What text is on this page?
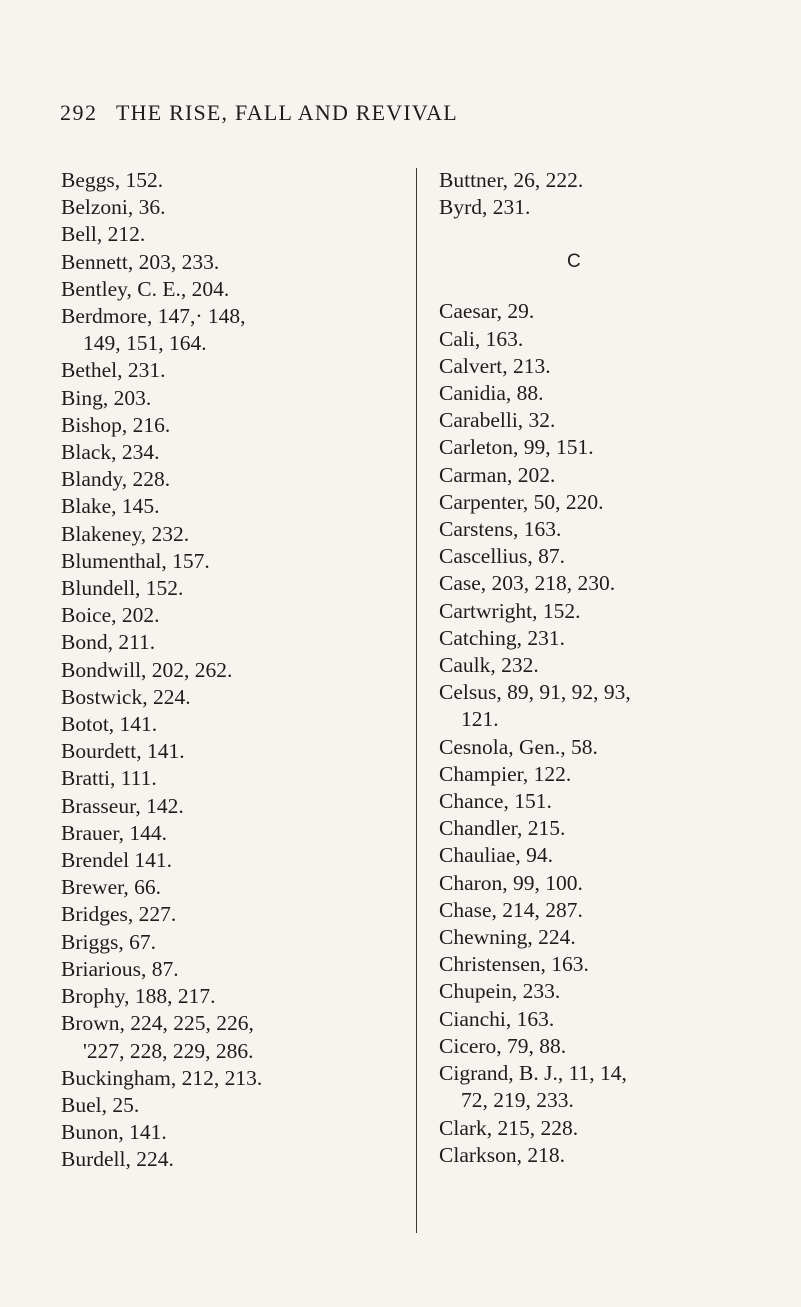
292 THE RISE, FALL AND REVIVAL

Beggs, 152.

Belzoni, 36.

Bell, 212.

Bennett, 203, 233.

Bentley, C. E., 204.

Berdmore, 147,· 148,

149, 151, 164.

Bethel, 231.

Bing, 203.

Bishop, 216.

Black, 234.

Blandy, 228.

Blake, 145.

Blakeney, 232.

Blumenthal, 157.

Blundell, 152.

Boice, 202.

Bond, 211.

Bondwill, 202, 262.

Bostwick, 224.

Botot, 141.

Bourdett, 141.

Bratti, 111.

Brasseur, 142.

Brauer, 144.

Brendel 141.

Brewer, 66.

Bridges, 227.

Briggs, 67.

Briarious, 87.

Brophy, 188, 217.

Brown, 224, 225, 226,

'227, 228, 229, 286.

Buckingham, 212, 213.

Buel, 25.

Bunon, 141.

Burdell, 224.

Buttner, 26, 222.

Byrd, 231.

C

Caesar, 29.

Cali, 163.

Calvert, 213.

Canidia, 88.

Carabelli, 32.

Carleton, 99, 151.

Carman, 202.

Carpenter, 50, 220.

Carstens, 163.

Cascellius, 87.

Case, 203, 218, 230.

Cartwright, 152.

Catching, 231.

Caulk, 232.

Celsus, 89, 91, 92, 93,

121.

Cesnola, Gen., 58.

Champier, 122.

Chance, 151.

Chandler, 215.

Chauliae, 94.

Charon, 99, 100.

Chase, 214, 287.

Chewning, 224.

Christensen, 163.

Chupein, 233.

Cianchi, 163.

Cicero, 79, 88.

Cigrand, B. J., 11, 14,

72, 219, 233.

Clark, 215, 228.

Clarkson, 218.
